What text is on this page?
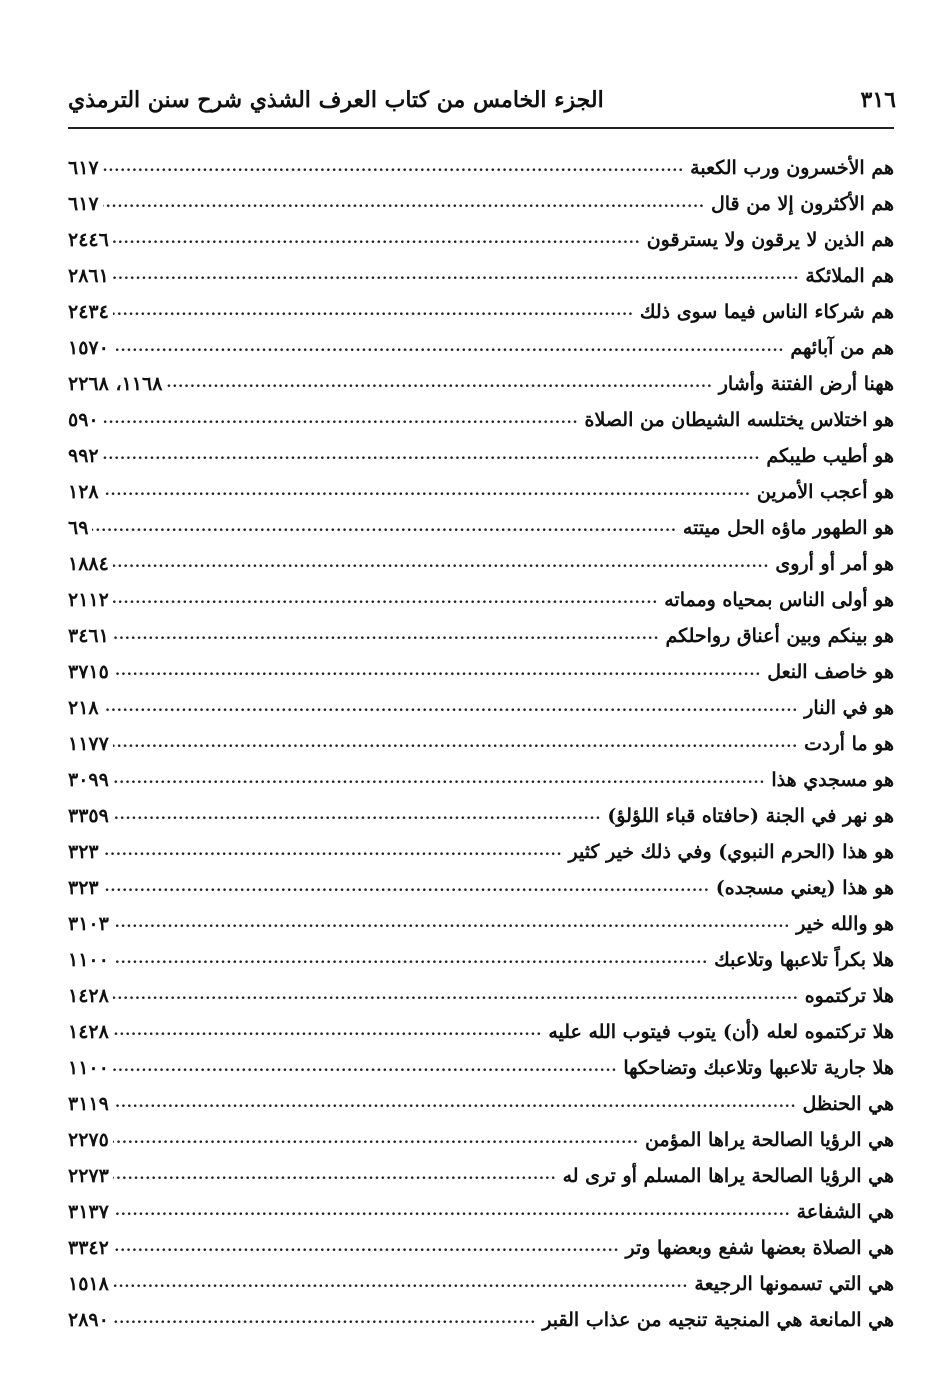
٣١٦
الجزء الخامس من كتاب العرف الشذي شرح سنن الترمذي
هم الأخسرون ورب الكعبة
.....
٦١٧
هم الأكثرون إلا من قال
.....
٦١٧
هم الذين لا يرقون ولا يسترقون
.....
٢٤٤٦
هم الملائكة
.....
٢٨٦١
هم شركاء الناس فيما سوى ذلك
.....
٢٤٣٤
هم من آبائهم
.....
١٥٧٠
ههنا أرض الفتنة وأشار
.....
١١٦٨، ٢٢٦٨
هو اختلاس يختلسه الشيطان من الصلاة
.....
٥٩٠
هو أطيب طيبكم
.....
٩٩٢
هو أعجب الأمرين
.....
١٢٨
هو الطهور ماؤه الحل ميتته
.....
٦٩
هو أمر أو أروى
.....
١٨٨٤
هو أولى الناس بمحياه ومماته
.....
٢١١٢
هو بينكم وبين أعناق رواحلكم
.....
٣٤٦١
هو خاصف النعل
.....
٣٧١٥
هو في النار
.....
٢١٨
هو ما أردت
.....
١١٧٧
هو مسجدي هذا
.....
٣٠٩٩
هو نهر في الجنة (حافتاه قباء اللؤلؤ)
.....
٣٣٥٩
هو هذا (الحرم النبوي) وفي ذلك خير كثير
.....
٣٢٣
هو هذا (يعني مسجده)
.....
٣٢٣
هو والله خير
.....
٣١٠٣
هلا بكراً تلاعبها وتلاعبك
.....
١١٠٠
هلا تركتموه
.....
١٤٢٨
هلا تركتموه لعله (أن) يتوب فيتوب الله عليه
.....
١٤٢٨
هلا جارية تلاعبها وتلاعبك وتضاحكها
.....
١١٠٠
هي الحنظل
.....
٣١١٩
هي الرؤيا الصالحة يراها المؤمن
.....
٢٢٧٥
هي الرؤيا الصالحة يراها المسلم أو ترى له
.....
٢٢٧٣
هي الشفاعة
.....
٣١٣٧
هي الصلاة بعضها شفع وبعضها وتر
.....
٣٣٤٢
هي التي تسمونها الرجيعة
.....
١٥١٨
هي المانعة هي المنجية تنجيه من عذاب القبر
.....
٢٨٩٠
